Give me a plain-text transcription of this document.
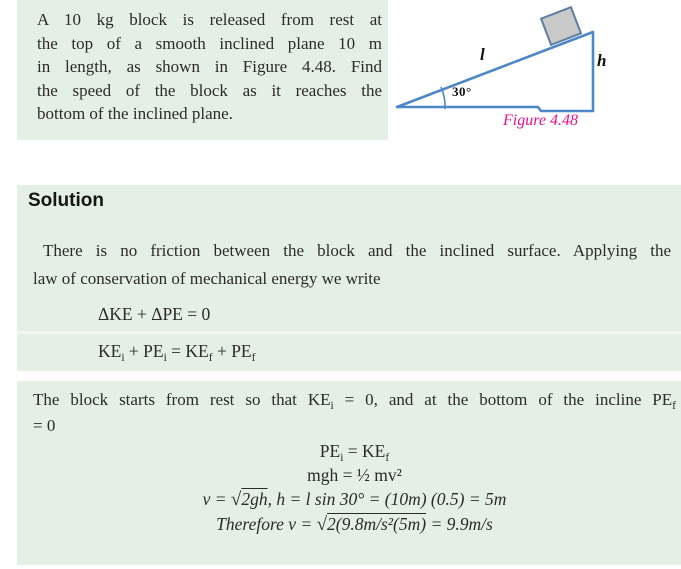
A 10 kg block is released from rest at
the top of a smooth inclined plane 10 m
in length, as shown in Figure 4.48. Find
the speed of the block as it reaches the
bottom of the inclined plane.
l	h
30°
Figure 4.48
Solution
There is no friction between the block and the inclined surface. Applying the
law of conservation of mechanical energy we write
ΔKE + ΔPE = 0
$KE_i + PE_i = KE_f + PE_f$
The block starts from rest so that $KE_i = 0$, and at the bottom of the incline $PE_f$
= 0
$PE_i = KE_f$
mgh = ½ mv²
v = √2gh, h = l sin 30° = (10m) (0.5) = 5m
Therefore v = √2(9.8m/s²(5m) = 9.9m/s
